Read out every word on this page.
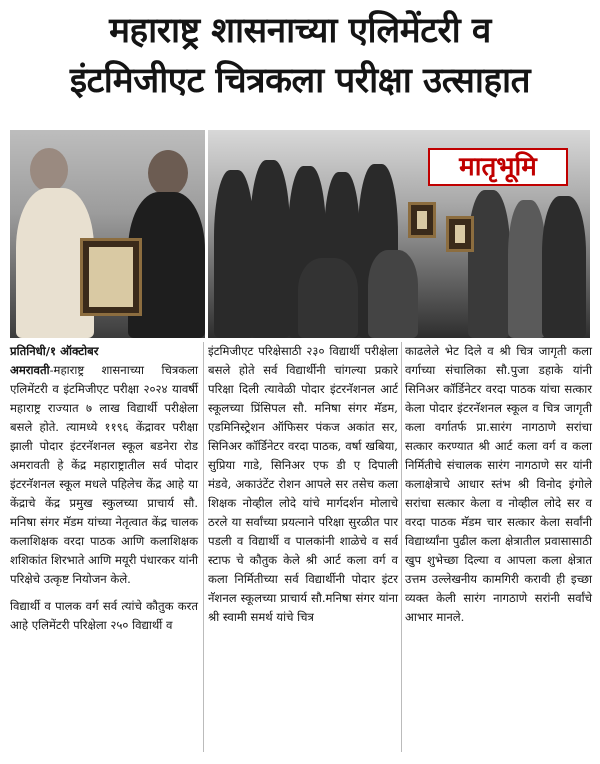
महाराष्ट्र शासनाच्या एलिमेंटरी व
इंटमिजीएट चित्रकला परीक्षा उत्साहात
मातृभूमि
प्रतिनिधी/१ ऑक्टोबर

अमरावती-महाराष्ट्र शासनाच्या चित्रकला एलिमेंटरी व इंटमिजीएट परीक्षा २०२४ यावर्षी महाराष्ट्र राज्यात ७ लाख विद्यार्थी परीक्षेला बसले होते. त्यामध्ये ११९६ केंद्रावर परीक्षा झाली पोदार इंटरनॅशनल स्कूल बडनेरा रोड अमरावती हे केंद्र महाराष्ट्रातील सर्व पोदार इंटरनॅशनल स्कूल मधले पहिलेच केंद्र आहे या केंद्राचे केंद्र प्रमुख स्कुलच्या प्राचार्य सौ. मनिषा संगर मॅडम यांच्या नेतृत्वात केंद्र चालक कलाशिक्षक वरदा पाठक आणि कलाशिक्षक शशिकांत शिरभाते आणि मयूरी पंधारकर यांनी परिक्षेचे उत्कृष्ट नियोजन केले.

विद्यार्थी व पालक वर्ग सर्व त्यांचे कौतुक करत आहे एलिमेंटरी परिक्षेला २५० विद्यार्थी व

इंटमिजीएट परिक्षेसाठी २३० विद्यार्थी परीक्षेला बसले होते सर्व विद्यार्थीनी चांगल्या प्रकारे परिक्षा दिली त्यावेळी पोदार इंटरनॅशनल आर्ट स्कूलच्या प्रिंसिपल सौ. मनिषा संगर मॅडम, एडमिनिस्ट्रेशन ऑफिसर पंकज अकांत सर, सिनिअर कॉर्डिनेटर वरदा पाठक, वर्षा खबिया, सुप्रिया गाडे, सिनिअर एफ डी ए दिपाली मंडवे, अकाउंटेंट रोशन आपले सर तसेच कला शिक्षक नोव्हील लोदे यांचे मार्गदर्शन मोलाचे ठरले या सर्वांच्या प्रयत्नाने परिक्षा सुरळीत पार पडली व विद्यार्थी व पालकांनी शाळेचे व सर्व स्टाफ चे कौतुक केले श्री आर्ट कला वर्ग व कला निर्मितीच्या सर्व विद्यार्थीनी पोदार इंटर नॅशनल स्कूलच्या प्राचार्य सौ.मनिषा संगर यांना श्री स्वामी समर्थ यांचे चित्र

काढलेले भेट दिले व श्री चित्र जागृती कला वर्गाच्या संचालिका सौ.पुजा डहाके यांनी सिनिअर कॉर्डिनेटर वरदा पाठक यांचा सत्कार केला पोदार इंटरनॅशनल स्कूल व चित्र जागृती कला वर्गातर्फ प्रा.सारंग नागठाणे सरांचा सत्कार करण्यात श्री आर्ट कला वर्ग व कला निर्मितीचे संचालक सारंग नागठाणे सर यांनी कलाक्षेत्राचे आधार स्तंभ श्री विनोद इंगोले सरांचा सत्कार केला व नोव्हील लोदे सर व वरदा पाठक मॅडम चार सत्कार केला सर्वांनी विद्यार्थ्यांना पुढील कला क्षेत्रातील प्रवासासाठी खुप शुभेच्छा दिल्या व आपला कला क्षेत्रात उत्तम उल्लेखनीय कामगिरी करावी ही इच्छा व्यक्त केली सारंग नागठाणे सरांनी सर्वांचे आभार मानले.
